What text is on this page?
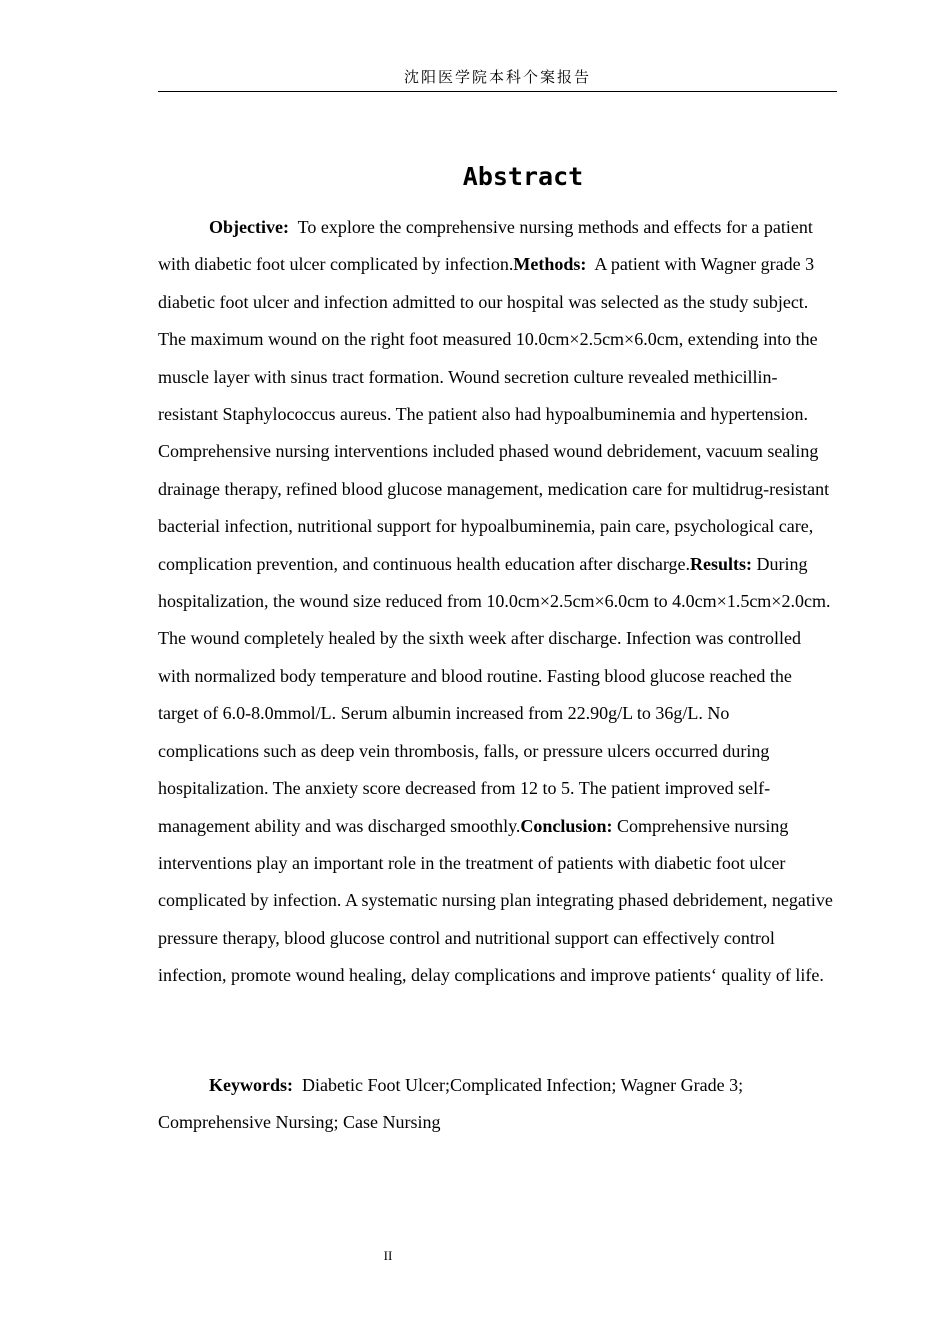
沈阳医学院本科个案报告
Abstract

Objective: To explore the comprehensive nursing methods and effects for a patient with diabetic foot ulcer complicated by infection.Methods: A patient with Wagner grade 3 diabetic foot ulcer and infection admitted to our hospital was selected as the study subject. The maximum wound on the right foot measured 10.0cm×2.5cm×6.0cm, extending into the muscle layer with sinus tract formation. Wound secretion culture revealed methicillin-resistant Staphylococcus aureus. The patient also had hypoalbuminemia and hypertension. Comprehensive nursing interventions included phased wound debridement, vacuum sealing drainage therapy, refined blood glucose management, medication care for multidrug-resistant bacterial infection, nutritional support for hypoalbuminemia, pain care, psychological care, complication prevention, and continuous health education after discharge.Results: During hospitalization, the wound size reduced from 10.0cm×2.5cm×6.0cm to 4.0cm×1.5cm×2.0cm. The wound completely healed by the sixth week after discharge. Infection was controlled with normalized body temperature and blood routine. Fasting blood glucose reached the target of 6.0-8.0mmol/L. Serum albumin increased from 22.90g/L to 36g/L. No complications such as deep vein thrombosis, falls, or pressure ulcers occurred during hospitalization. The anxiety score decreased from 12 to 5. The patient improved self-management ability and was discharged smoothly.Conclusion: Comprehensive nursing interventions play an important role in the treatment of patients with diabetic foot ulcer complicated by infection. A systematic nursing plan integrating phased debridement, negative pressure therapy, blood glucose control and nutritional support can effectively control infection, promote wound healing, delay complications and improve patients‘ quality of life.

Keywords: Diabetic Foot Ulcer;Complicated Infection; Wagner Grade 3; Comprehensive Nursing; Case Nursing

II
